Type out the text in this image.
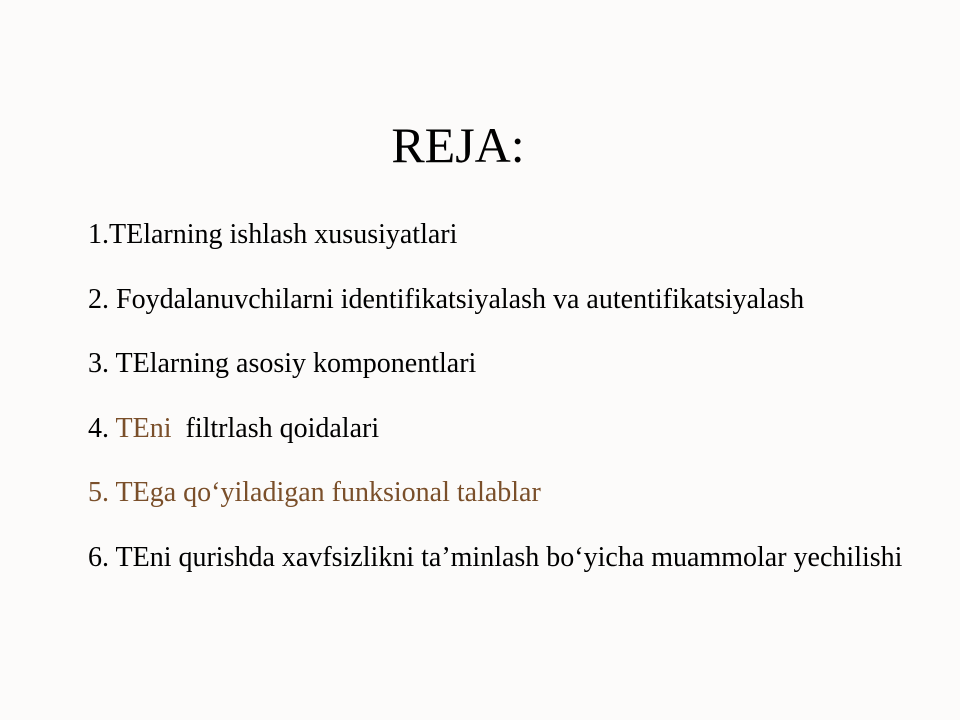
REJA:
1.TElarning ishlash xususiyatlari
2. Foydalanuvchilarni identifikatsiyalash va autentifikatsiyalash
3. TElarning asosiy komponentlari
4. TEni  filtrlash qoidalari
5. TEga qo‘yiladigan funksional talablar
6. TEni qurishda xavfsizlikni ta’minlash bo‘yicha muammolar yechilishi
